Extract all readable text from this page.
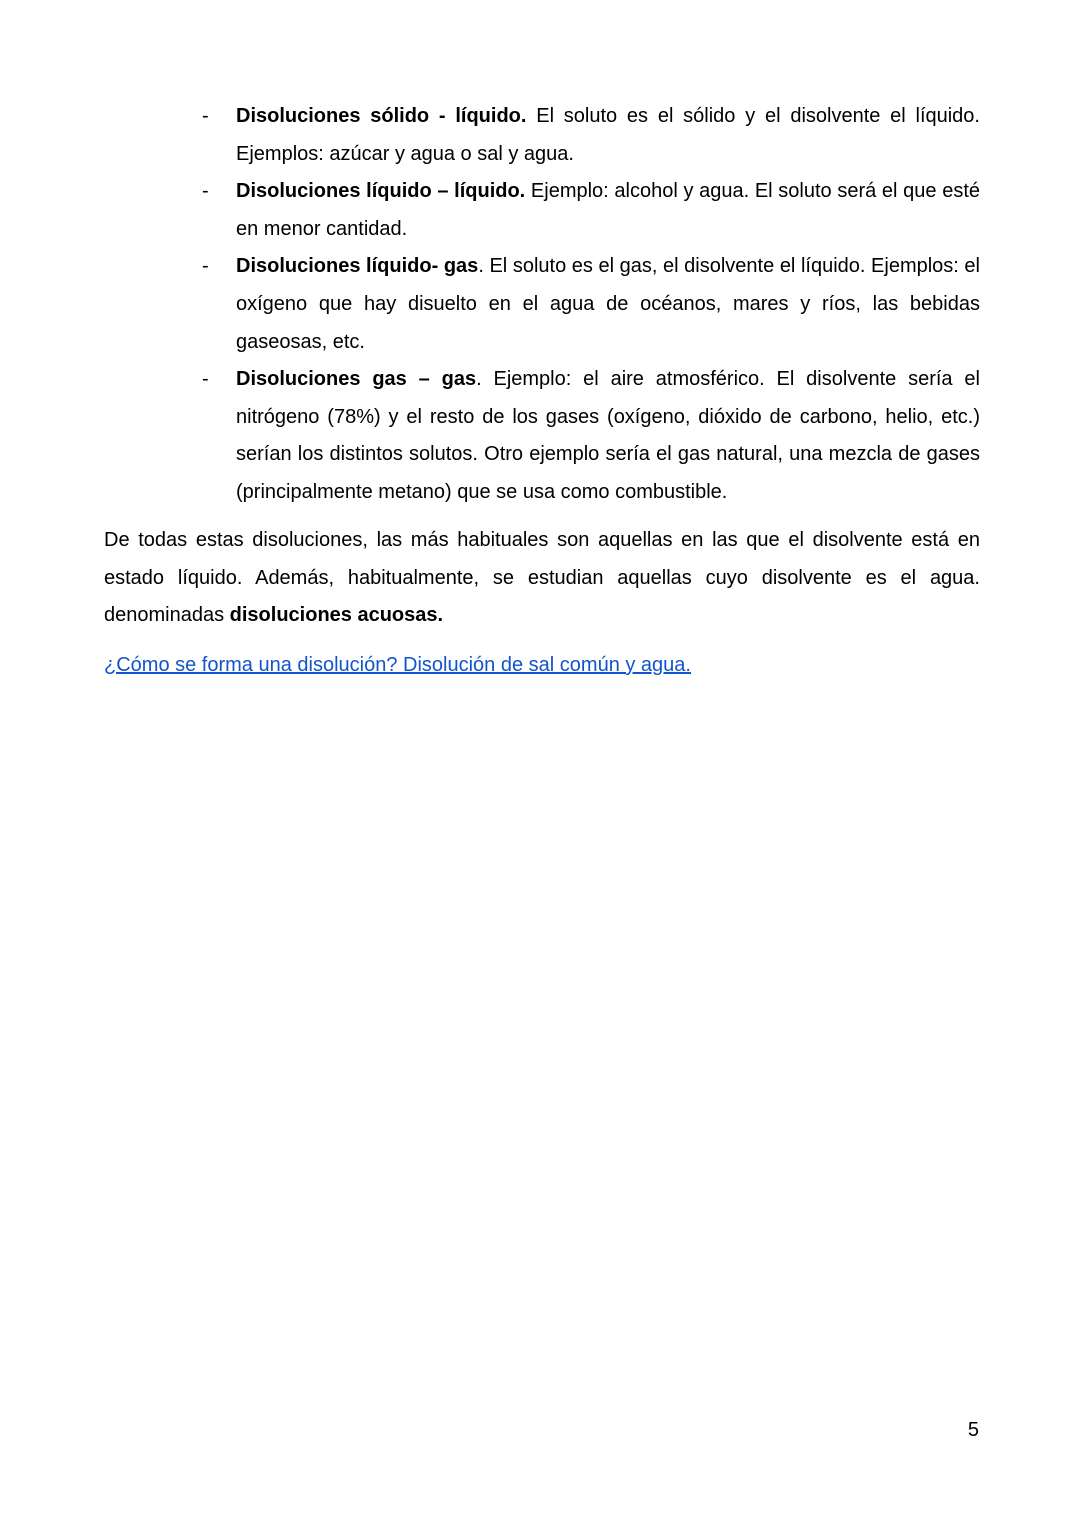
- Disoluciones sólido - líquido. El soluto es el sólido y el disolvente el líquido. Ejemplos: azúcar y agua o sal y agua.
- Disoluciones líquido – líquido. Ejemplo: alcohol y agua. El soluto será el que esté en menor cantidad.
- Disoluciones líquido- gas. El soluto es el gas, el disolvente el líquido. Ejemplos: el oxígeno que hay disuelto en el agua de océanos, mares y ríos, las bebidas gaseosas, etc.
- Disoluciones gas – gas. Ejemplo: el aire atmosférico. El disolvente sería el nitrógeno (78%) y el resto de los gases (oxígeno, dióxido de carbono, helio, etc.) serían los distintos solutos. Otro ejemplo sería el gas natural, una mezcla de gases (principalmente metano) que se usa como combustible.

De todas estas disoluciones, las más habituales son aquellas en las que el disolvente está en estado líquido. Además, habitualmente, se estudian aquellas cuyo disolvente es el agua. denominadas disoluciones acuosas.

¿Cómo se forma una disolución? Disolución de sal común y agua.
5
